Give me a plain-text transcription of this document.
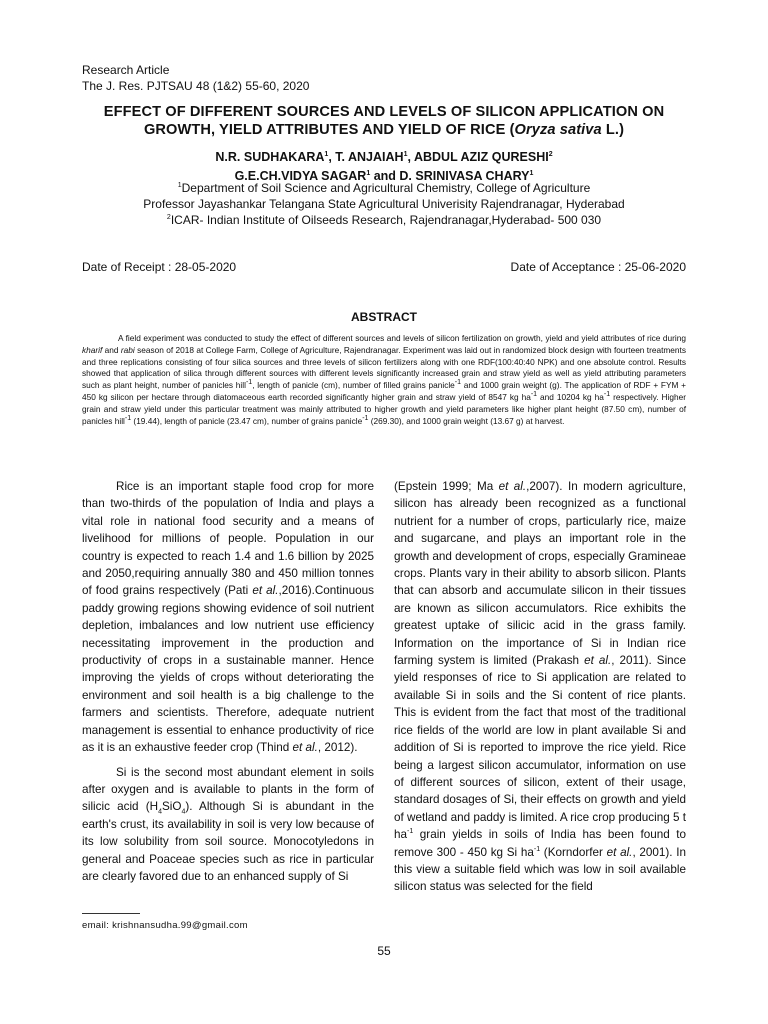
Research Article
The J. Res. PJTSAU 48 (1&2) 55-60, 2020
EFFECT OF DIFFERENT SOURCES AND LEVELS OF SILICON APPLICATION ON
GROWTH, YIELD ATTRIBUTES AND YIELD OF RICE (Oryza sativa L.)
N.R. SUDHAKARA$^1$, T. ANJAIAH$^1$, ABDUL AZIZ QURESHI$^2$
G.E.CH.VIDYA SAGAR$^1$ and D. SRINIVASA CHARY$^1$
$^1$Department of Soil Science and Agricultural Chemistry, College of Agriculture
Professor Jayashankar Telangana State Agricultural Univerisity Rajendranagar, Hyderabad
$^2$ICAR- Indian Institute of Oilseeds Research, Rajendranagar,Hyderabad- 500 030
Date of Receipt : 28-05-2020	Date of Acceptance : 25-06-2020
ABSTRACT
A field experiment was conducted to study the effect of different sources and levels of silicon fertilization on growth, yield and yield attributes of rice during kharif and rabi season of 2018 at College Farm, College of Agriculture, Rajendranagar. Experiment was laid out in randomized block design with fourteen treatments and three replications consisting of four silica sources and three levels of silicon fertilizers along with one RDF(100:40:40 NPK) and one absolute control. Results showed that application of silica through different sources with different levels significantly increased grain and straw yield as well as yield attributing parameters such as plant height, number of panicles hill$^{-1}$, length of panicle (cm), number of filled grains panicle$^{-1}$ and 1000 grain weight (g). The application of RDF + FYM + 450 kg silicon per hectare through diatomaceous earth recorded significantly higher grain and straw yield of 8547 kg $ha^{-1}$ and 10204 kg $ha^{-1}$ respectively. Higher grain and straw yield under this particular treatment was mainly attributed to higher growth and yield parameters like higher plant height (87.50 cm), number of panicles hill$^{-1}$ (19.44), length of panicle (23.47 cm), number of grains panicle$^{-1}$ (269.30), and 1000 grain weight (13.67 g) at harvest.

Rice is an important staple food crop for more than two-thirds of the population of India and plays a vital role in national food security and a means of livelihood for millions of people. Population in our country is expected to reach 1.4 and 1.6 billion by 2025 and 2050,requiring annually 380 and 450 million tonnes of food grains respectively (Pati et al.,2016).Continuous paddy growing regions showing evidence of soil nutrient depletion, imbalances and low nutrient use efficiency necessitating improvement in the production and productivity of crops in a sustainable manner. Hence improving the yields of crops without deteriorating the environment and soil health is a big challenge to the farmers and scientists. Therefore, adequate nutrient management is essential to enhance productivity of rice as it is an exhaustive feeder crop (Thind et al., 2012).

Si is the second most abundant element in soils after oxygen and is available to plants in the form of silicic acid $(H_4SiO_4)$. Although Si is abundant in the earth's crust, its availability in soil is very low because of its low solubility from soil source. Monocotyledons in general and Poaceae species such as rice in particular are clearly favored due to an enhanced supply of Si

(Epstein 1999; Ma et al.,2007). In modern agriculture, silicon has already been recognized as a functional nutrient for a number of crops, particularly rice, maize and sugarcane, and plays an important role in the growth and development of crops, especially Gramineae crops. Plants vary in their ability to absorb silicon. Plants that can absorb and accumulate silicon in their tissues are known as silicon accumulators. Rice exhibits the greatest uptake of silicic acid in the grass family. Information on the importance of Si in Indian rice farming system is limited (Prakash et al., 2011). Since yield responses of rice to Si application are related to available Si in soils and the Si content of rice plants. This is evident from the fact that most of the traditional rice fields of the world are low in plant available Si and addition of Si is reported to improve the rice yield. Rice being a largest silicon accumulator, information on use of different sources of silicon, extent of their usage, standard dosages of Si, their effects on growth and yield of wetland and paddy is limited. A rice crop producing 5 t $ha^{-1}$ grain yields in soils of India has been found to remove 300 - 450 kg Si $ha^{-1}$ (Korndorfer et al., 2001). In this view a suitable field which was low in soil available silicon status was selected for the field

email: krishnansudha.99@gmail.com
55
